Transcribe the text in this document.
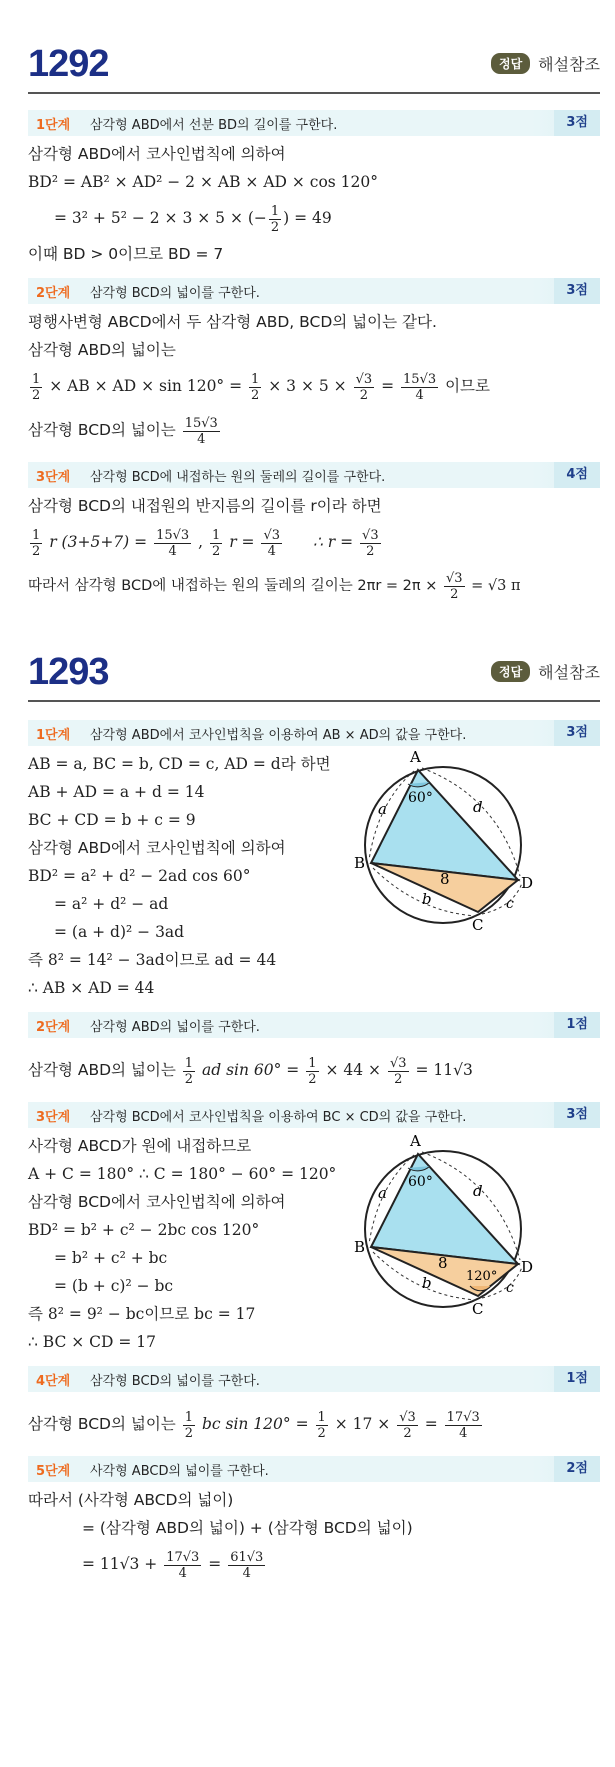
1292	정답	해설참조
1단계	삼각형 ABD에서 선분 BD의 길이를 구한다.	3점
삼각형 ABD에서 코사인법칙에 의하여
BD² = AB² × AD² − 2 × AB × AD × cos 120°
= 3² + 5² − 2 × 3 × 5 × (− $\frac{1}{2}$ ) = 49
이때 BD > 0이므로 BD = 7
2단계	삼각형 BCD의 넓이를 구한다.	3점
평행사변형 ABCD에서 두 삼각형 ABD, BCD의 넓이는 같다.
삼각형 ABD의 넓이는
$\frac{1}{2}$ × AB × AD × $\sin 120^\circ = \frac{1}{2} \times 3 \times 5 \times \frac{√3}{2} = \frac{15√3}{4}$ 이므로
삼각형 BCD의 넓이는 $\frac{15√3}{4}$
3단계	삼각형 BCD에 내접하는 원의 둘레의 길이를 구한다.	4점
삼각형 BCD의 내접원의 반지름의 길이를 r이라 하면
$\frac{1}{2}$ r $(3+5+7) = \frac{15√3}{4}$ , $\frac{1}{2}$ $r = \frac{√3}{4}$ ∴ $r = \frac{√3}{2}$
따라서 삼각형 BCD에 내접하는 원의 둘레의 길이는 $2\pi r = 2\pi \times \frac{√3}{2} = √3$ π
1293	정답	해설참조
1단계	삼각형 ABD에서 코사인법칙을 이용하여 AB × AD의 값을 구한다.	3점
AB = a, BC = b, CD = c, AD = d라 하면
AB + AD = a + d = 14
BC + CD = b + c = 9
삼각형 ABD에서 코사인법칙에 의하여
BD² = a² + d² − 2ad cos 60°
= a² + d² − ad
= (a + d)² − 3ad
즉 8² = 14² − 3ad이므로 ad = 44
∴ AB × AD = 44
A
B
C
D
a
b	c
d
60°
8
2단계	삼각형 ABD의 넓이를 구한다.	1점
삼각형 ABD의 넓이는 $\frac{1}{2}$ ad $\sin 60^\circ = \frac{1}{2} \times 44 \times \frac{√3}{2} = 11√3$
3단계	삼각형 BCD에서 코사인법칙을 이용하여 BC × CD의 값을 구한다.	3점
사각형 ABCD가 원에 내접하므로
A + C = 180° ∴ C = 180° − 60° = 120°
삼각형 BCD에서 코사인법칙에 의하여
BD² = b² + c² − 2bc cos 120°
= b² + c² + bc
= (b + c)² − bc
즉 8² = 9² − bc이므로 bc = 17
∴ BC × CD = 17
A
B
C
D
a
b	c
d
60°
8
120°
4단계	삼각형 BCD의 넓이를 구한다.	1점
삼각형 BCD의 넓이는 $\frac{1}{2}$ bc $\sin 120^\circ = \frac{1}{2} \times 17 \times \frac{√3}{2} = \frac{17√3}{4}$
5단계	사각형 ABCD의 넓이를 구한다.	2점
따라서 (사각형 ABCD의 넓이)
= (삼각형 ABD의 넓이) + (삼각형 BCD의 넓이)
= $11√3 + \frac{17√3}{4} = \frac{61√3}{4}$
